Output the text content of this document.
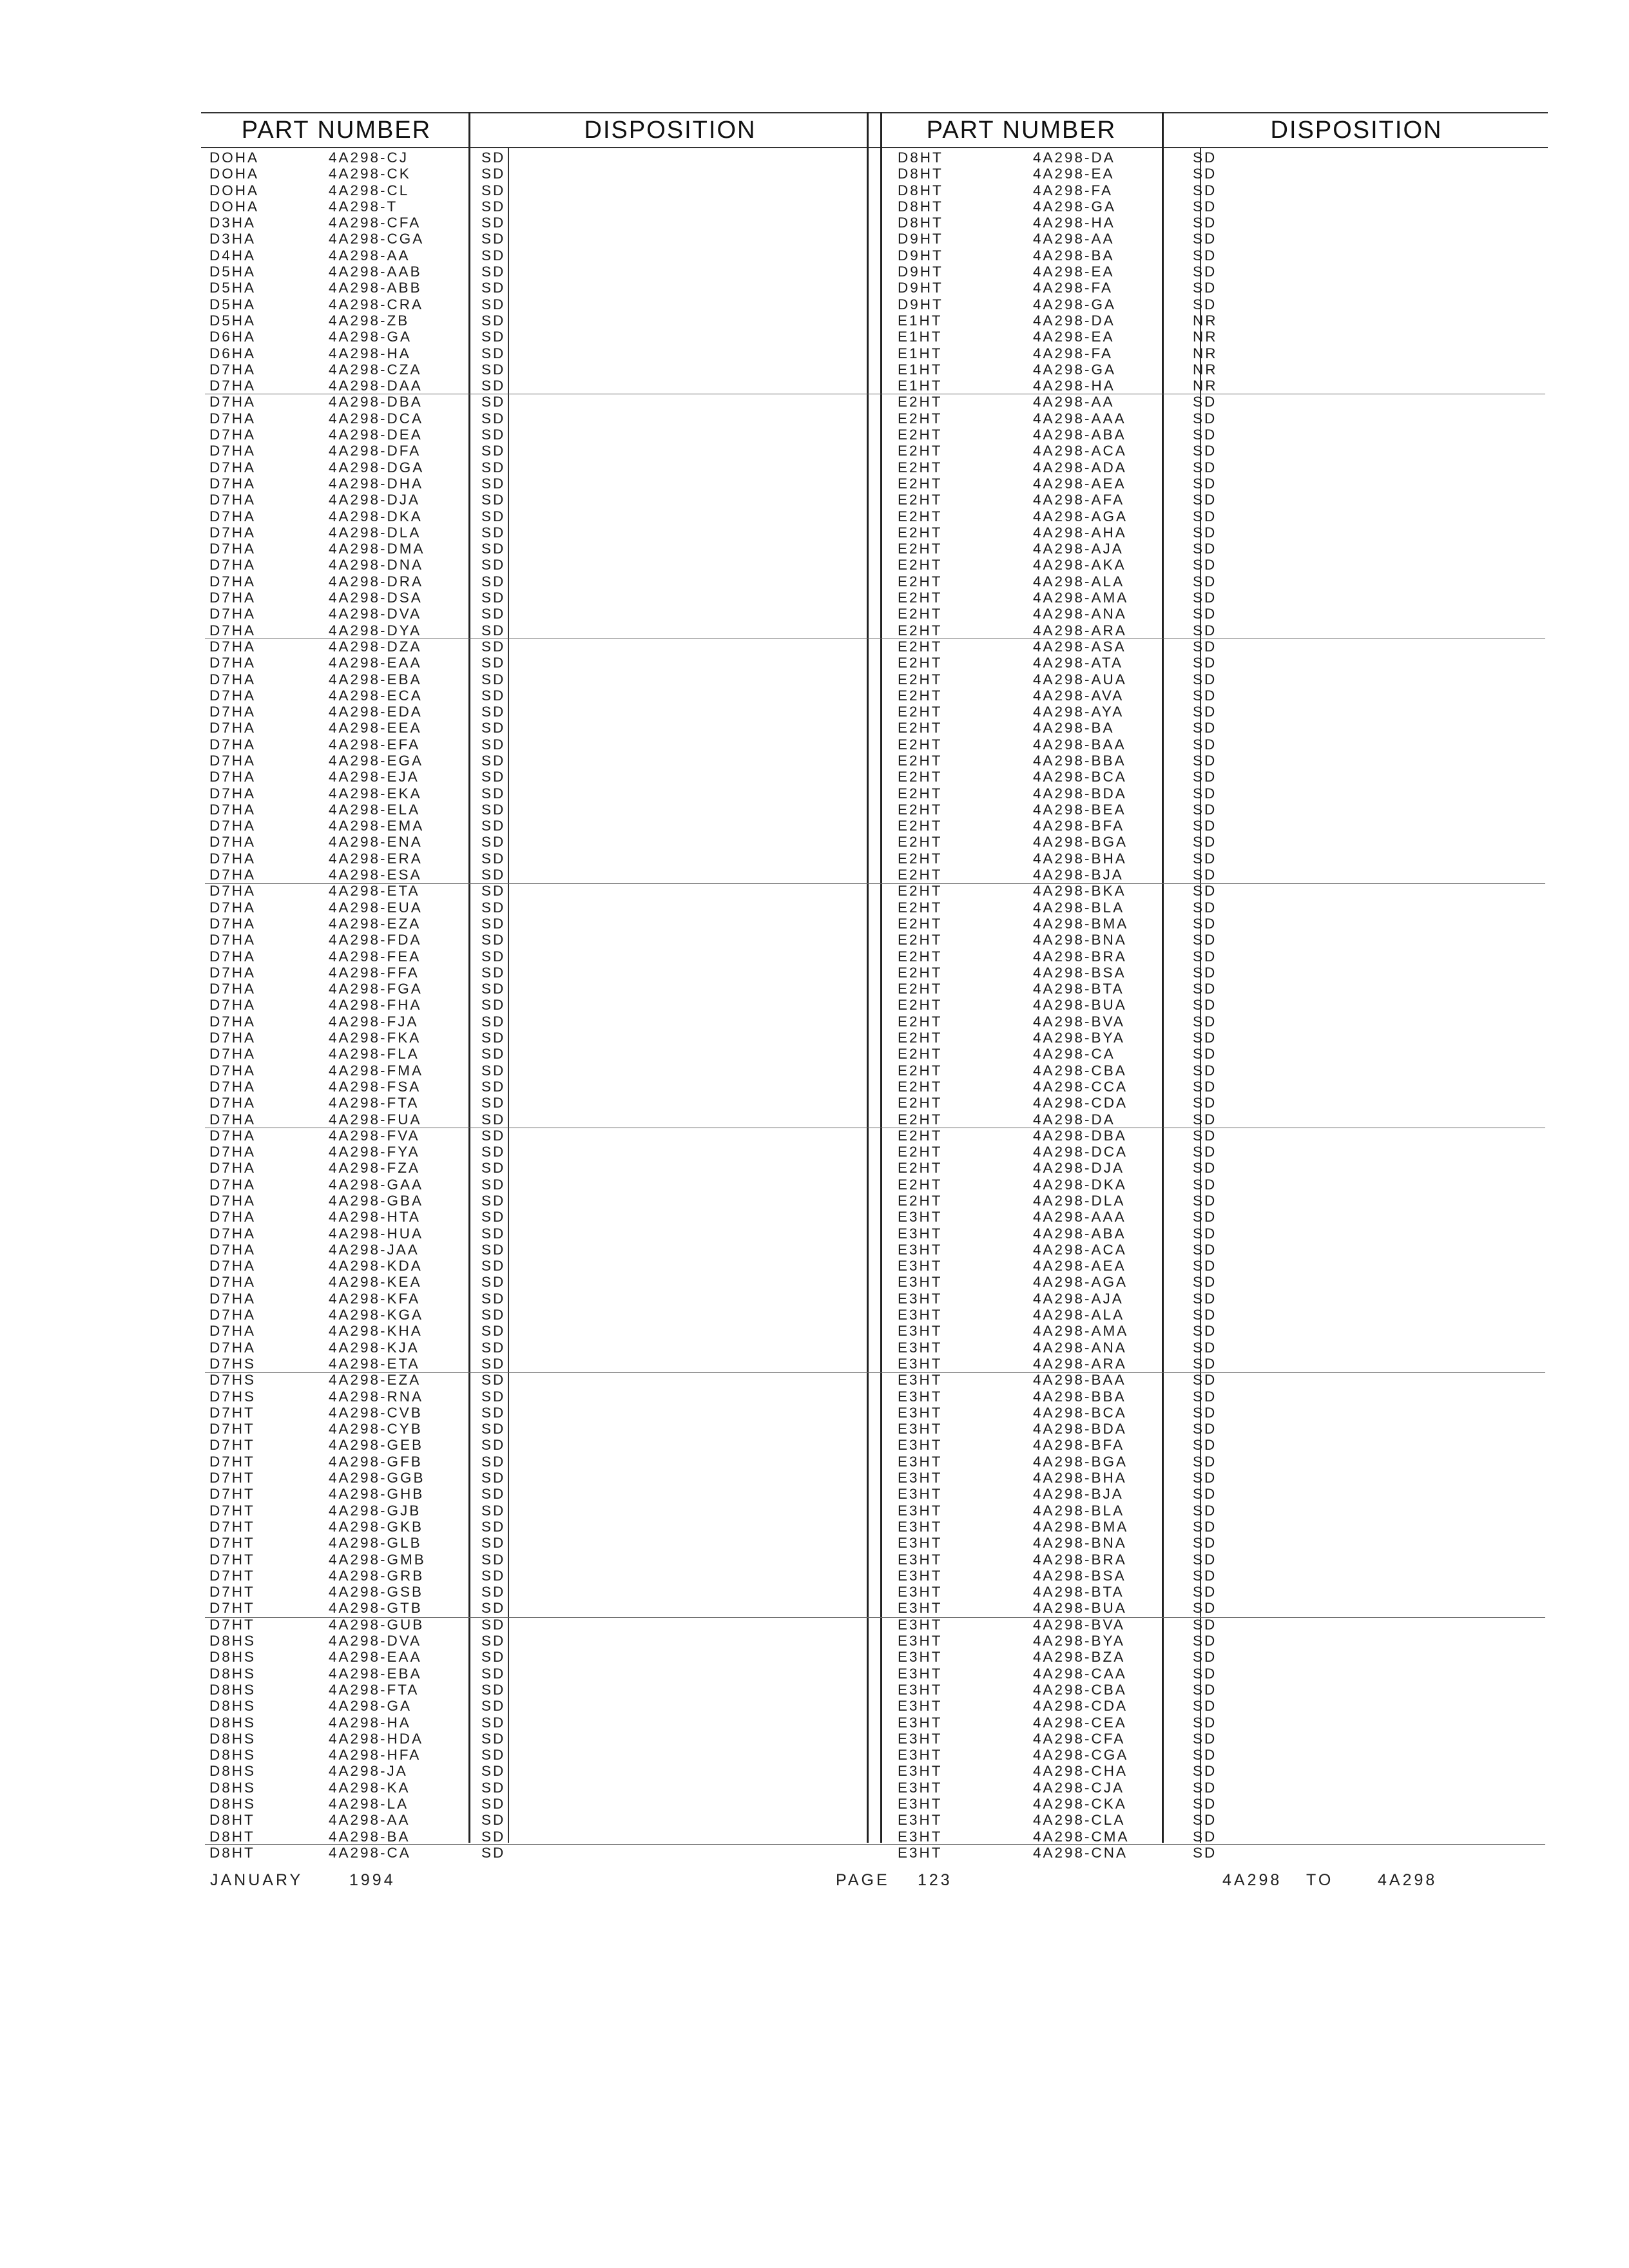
PART NUMBER	DISPOSITION	PART NUMBER	DISPOSITION
DOHA	4A298-CJ	SD
DOHA	4A298-CK	SD
DOHA	4A298-CL	SD
DOHA	4A298-T	SD
D3HA	4A298-CFA	SD
D3HA	4A298-CGA	SD
D4HA	4A298-AA	SD
D5HA	4A298-AAB	SD
D5HA	4A298-ABB	SD
D5HA	4A298-CRA	SD
D5HA	4A298-ZB	SD
D6HA	4A298-GA	SD
D6HA	4A298-HA	SD
D7HA	4A298-CZA	SD
D7HA	4A298-DAA	SD
D7HA	4A298-DBA	SD
D7HA	4A298-DCA	SD
D7HA	4A298-DEA	SD
D7HA	4A298-DFA	SD
D7HA	4A298-DGA	SD
D7HA	4A298-DHA	SD
D7HA	4A298-DJA	SD
D7HA	4A298-DKA	SD
D7HA	4A298-DLA	SD
D7HA	4A298-DMA	SD
D7HA	4A298-DNA	SD
D7HA	4A298-DRA	SD
D7HA	4A298-DSA	SD
D7HA	4A298-DVA	SD
D7HA	4A298-DYA	SD
D7HA	4A298-DZA	SD
D7HA	4A298-EAA	SD
D7HA	4A298-EBA	SD
D7HA	4A298-ECA	SD
D7HA	4A298-EDA	SD
D7HA	4A298-EEA	SD
D7HA	4A298-EFA	SD
D7HA	4A298-EGA	SD
D7HA	4A298-EJA	SD
D7HA	4A298-EKA	SD
D7HA	4A298-ELA	SD
D7HA	4A298-EMA	SD
D7HA	4A298-ENA	SD
D7HA	4A298-ERA	SD
D7HA	4A298-ESA	SD
D7HA	4A298-ETA	SD
D7HA	4A298-EUA	SD
D7HA	4A298-EZA	SD
D7HA	4A298-FDA	SD
D7HA	4A298-FEA	SD
D7HA	4A298-FFA	SD
D7HA	4A298-FGA	SD
D7HA	4A298-FHA	SD
D7HA	4A298-FJA	SD
D7HA	4A298-FKA	SD
D7HA	4A298-FLA	SD
D7HA	4A298-FMA	SD
D7HA	4A298-FSA	SD
D7HA	4A298-FTA	SD
D7HA	4A298-FUA	SD
D7HA	4A298-FVA	SD
D7HA	4A298-FYA	SD
D7HA	4A298-FZA	SD
D7HA	4A298-GAA	SD
D7HA	4A298-GBA	SD
D7HA	4A298-HTA	SD
D7HA	4A298-HUA	SD
D7HA	4A298-JAA	SD
D7HA	4A298-KDA	SD
D7HA	4A298-KEA	SD
D7HA	4A298-KFA	SD
D7HA	4A298-KGA	SD
D7HA	4A298-KHA	SD
D7HA	4A298-KJA	SD
D7HS	4A298-ETA	SD
D7HS	4A298-EZA	SD
D7HS	4A298-RNA	SD
D7HT	4A298-CVB	SD
D7HT	4A298-CYB	SD
D7HT	4A298-GEB	SD
D7HT	4A298-GFB	SD
D7HT	4A298-GGB	SD
D7HT	4A298-GHB	SD
D7HT	4A298-GJB	SD
D7HT	4A298-GKB	SD
D7HT	4A298-GLB	SD
D7HT	4A298-GMB	SD
D7HT	4A298-GRB	SD
D7HT	4A298-GSB	SD
D7HT	4A298-GTB	SD
D7HT	4A298-GUB	SD
D8HS	4A298-DVA	SD
D8HS	4A298-EAA	SD
D8HS	4A298-EBA	SD
D8HS	4A298-FTA	SD
D8HS	4A298-GA	SD
D8HS	4A298-HA	SD
D8HS	4A298-HDA	SD
D8HS	4A298-HFA	SD
D8HS	4A298-JA	SD
D8HS	4A298-KA	SD
D8HS	4A298-LA	SD
D8HT	4A298-AA	SD
D8HT	4A298-BA	SD
D8HT	4A298-CA	SD
D8HT	4A298-DA	SD
D8HT	4A298-EA	SD
D8HT	4A298-FA	SD
D8HT	4A298-GA	SD
D8HT	4A298-HA	SD
D9HT	4A298-AA	SD
D9HT	4A298-BA	SD
D9HT	4A298-EA	SD
D9HT	4A298-FA	SD
D9HT	4A298-GA	SD
E1HT	4A298-DA	NR
E1HT	4A298-EA	NR
E1HT	4A298-FA	NR
E1HT	4A298-GA	NR
E1HT	4A298-HA	NR
E2HT	4A298-AA	SD
E2HT	4A298-AAA	SD
E2HT	4A298-ABA	SD
E2HT	4A298-ACA	SD
E2HT	4A298-ADA	SD
E2HT	4A298-AEA	SD
E2HT	4A298-AFA	SD
E2HT	4A298-AGA	SD
E2HT	4A298-AHA	SD
E2HT	4A298-AJA	SD
E2HT	4A298-AKA	SD
E2HT	4A298-ALA	SD
E2HT	4A298-AMA	SD
E2HT	4A298-ANA	SD
E2HT	4A298-ARA	SD
E2HT	4A298-ASA	SD
E2HT	4A298-ATA	SD
E2HT	4A298-AUA	SD
E2HT	4A298-AVA	SD
E2HT	4A298-AYA	SD
E2HT	4A298-BA	SD
E2HT	4A298-BAA	SD
E2HT	4A298-BBA	SD
E2HT	4A298-BCA	SD
E2HT	4A298-BDA	SD
E2HT	4A298-BEA	SD
E2HT	4A298-BFA	SD
E2HT	4A298-BGA	SD
E2HT	4A298-BHA	SD
E2HT	4A298-BJA	SD
E2HT	4A298-BKA	SD
E2HT	4A298-BLA	SD
E2HT	4A298-BMA	SD
E2HT	4A298-BNA	SD
E2HT	4A298-BRA	SD
E2HT	4A298-BSA	SD
E2HT	4A298-BTA	SD
E2HT	4A298-BUA	SD
E2HT	4A298-BVA	SD
E2HT	4A298-BYA	SD
E2HT	4A298-CA	SD
E2HT	4A298-CBA	SD
E2HT	4A298-CCA	SD
E2HT	4A298-CDA	SD
E2HT	4A298-DA	SD
E2HT	4A298-DBA	SD
E2HT	4A298-DCA	SD
E2HT	4A298-DJA	SD
E2HT	4A298-DKA	SD
E2HT	4A298-DLA	SD
E3HT	4A298-AAA	SD
E3HT	4A298-ABA	SD
E3HT	4A298-ACA	SD
E3HT	4A298-AEA	SD
E3HT	4A298-AGA	SD
E3HT	4A298-AJA	SD
E3HT	4A298-ALA	SD
E3HT	4A298-AMA	SD
E3HT	4A298-ANA	SD
E3HT	4A298-ARA	SD
E3HT	4A298-BAA	SD
E3HT	4A298-BBA	SD
E3HT	4A298-BCA	SD
E3HT	4A298-BDA	SD
E3HT	4A298-BFA	SD
E3HT	4A298-BGA	SD
E3HT	4A298-BHA	SD
E3HT	4A298-BJA	SD
E3HT	4A298-BLA	SD
E3HT	4A298-BMA	SD
E3HT	4A298-BNA	SD
E3HT	4A298-BRA	SD
E3HT	4A298-BSA	SD
E3HT	4A298-BTA	SD
E3HT	4A298-BUA	SD
E3HT	4A298-BVA	SD
E3HT	4A298-BYA	SD
E3HT	4A298-BZA	SD
E3HT	4A298-CAA	SD
E3HT	4A298-CBA	SD
E3HT	4A298-CDA	SD
E3HT	4A298-CEA	SD
E3HT	4A298-CFA	SD
E3HT	4A298-CGA	SD
E3HT	4A298-CHA	SD
E3HT	4A298-CJA	SD
E3HT	4A298-CKA	SD
E3HT	4A298-CLA	SD
E3HT	4A298-CMA	SD
E3HT	4A298-CNA	SD
JANUARY	1994	PAGE 123	4A298 TO	4A298
